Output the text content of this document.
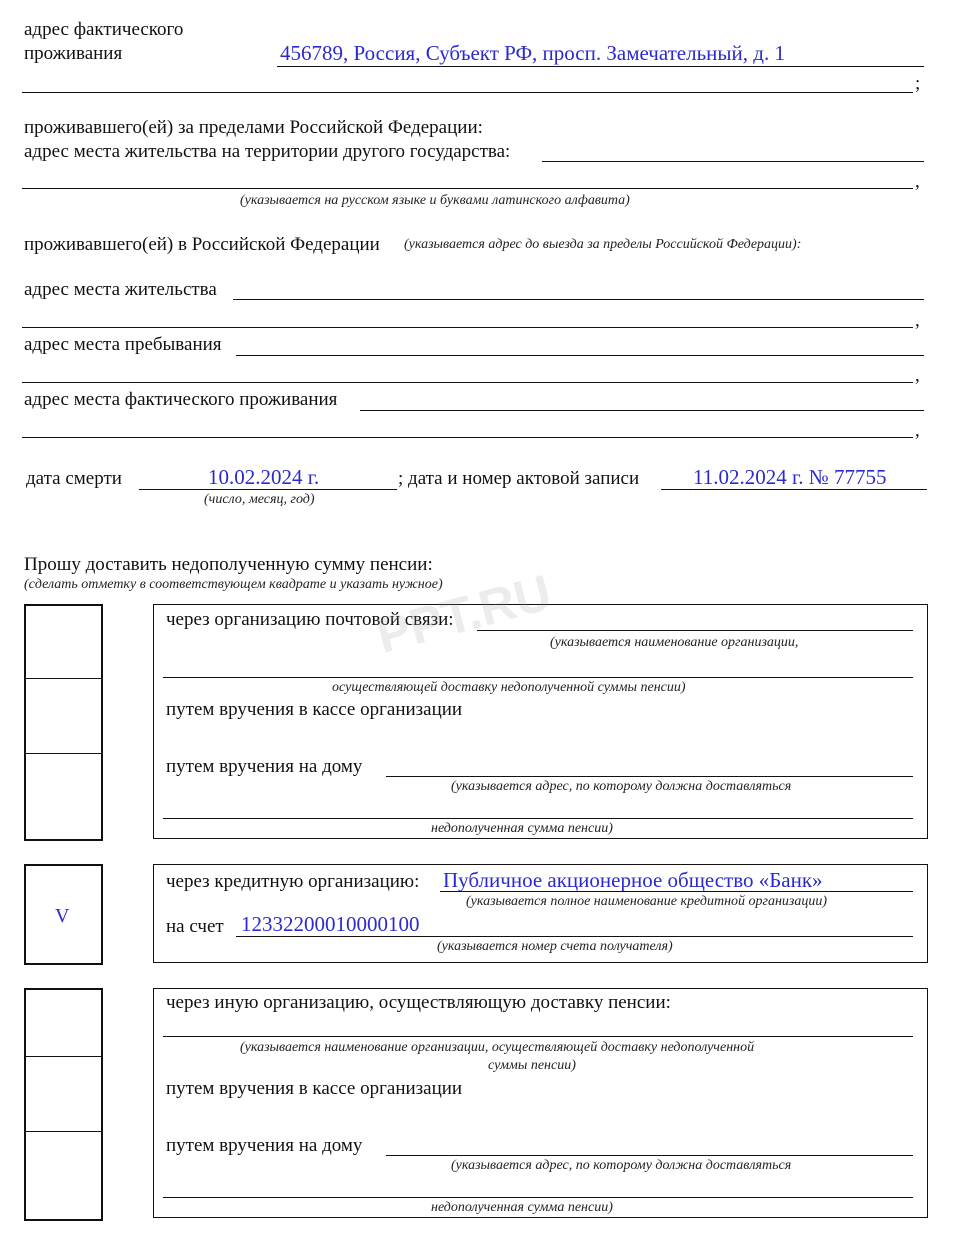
адрес фактического
проживания	456789, Россия, Субъект РФ, просп. Замечательный, д. 1
;
проживавшего(ей) за пределами Российской Федерации:
адрес места жительства на территории другого государства:
,
(указывается на русском языке и буквами латинского алфавита)
проживавшего(ей) в Российской Федерации (указывается адрес до выезда за пределы Российской Федерации):
адрес места жительства
,
адрес места пребывания
,
адрес места фактического проживания
,
дата смерти	10.02.2024 г.
(число, месяц, год)
; дата и номер актовой записи	11.02.2024 г. № 77755
Прошу доставить недополученную сумму пенсии:
(сделать отметку в соответствующем квадрате и указать нужное)
через организацию почтовой связи:
(указывается наименование организации,
осуществляющей доставку недополученной суммы пенсии)
путем вручения в кассе организации
путем вручения на дому
(указывается адрес, по которому должна доставляться
недополученная сумма пенсии)
PPT.RU
V
через кредитную организацию: Публичное акционерное общество «Банк»
(указывается полное наименование кредитной организации)
на счет 12332200010000100
(указывается номер счета получателя)
через иную организацию, осуществляющую доставку пенсии:
(указывается наименование организации, осуществляющей доставку недополученной
суммы пенсии)
путем вручения в кассе организации
путем вручения на дому
(указывается адрес, по которому должна доставляться
недополученная сумма пенсии)
